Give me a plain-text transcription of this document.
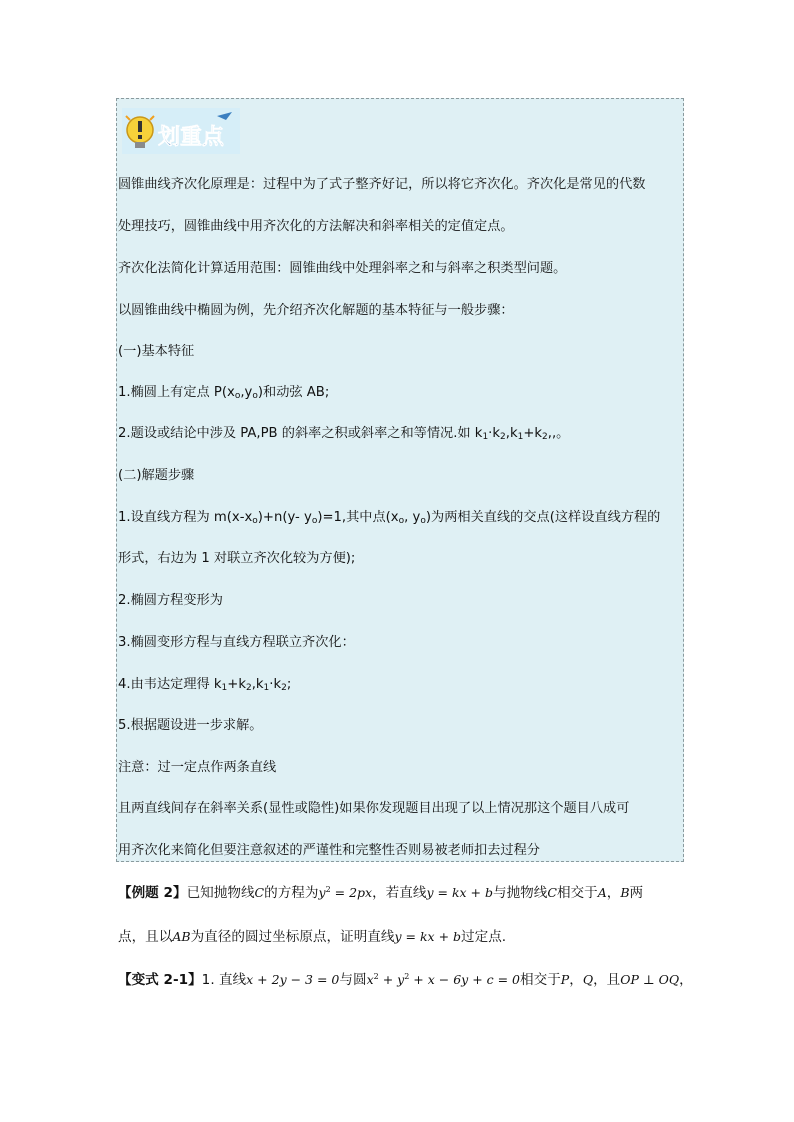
划重点
圆锥曲线齐次化原理是：过程中为了式子整齐好记，所以将它齐次化。齐次化是常见的代数
处理技巧，圆锥曲线中用齐次化的方法解决和斜率相关的定值定点。
齐次化法简化计算适用范围：圆锥曲线中处理斜率之和与斜率之积类型问题。
以圆锥曲线中椭圆为例，先介绍齐次化解题的基本特征与一般步骤：
(一)基本特征
1.椭圆上有定点 $P(x_o,y_o)$和动弦 AB;
2.题设或结论中涉及 PA,PB 的斜率之积或斜率之和等情况.如 $k_1\cdot k_2,k_1+k_2$,,。
(二)解题步骤
1.设直线方程为 $m(x-x_o)+n(y-$ $y_o)=1$,其中点($x_o$, $y_o$)为两相关直线的交点(这样设直线方程的
形式，右边为 1 对联立齐次化较为方便);
2.椭圆方程变形为
3.椭圆变形方程与直线方程联立齐次化：
4.由韦达定理得 $k_1+k_2,k_1\cdot k_2$;
5.根据题设进一步求解。
注意：过一定点作两条直线
且两直线间存在斜率关系(显性或隐性)如果你发现题目出现了以上情况那这个题目八成可
用齐次化来简化但要注意叙述的严谨性和完整性否则易被老师扣去过程分
【例题 2】已知抛物线C的方程为$y^2 = 2px$，若直线y = kx + b与抛物线C相交于A，B两
点，且以AB为直径的圆过坐标原点，证明直线y = kx + b过定点.
【变式 2-1】1. 直线x + 2y − 3 = 0与圆$x^2 + y^2 + x - 6y + c = 0$相交于P，Q，且OP ⊥ OQ，
